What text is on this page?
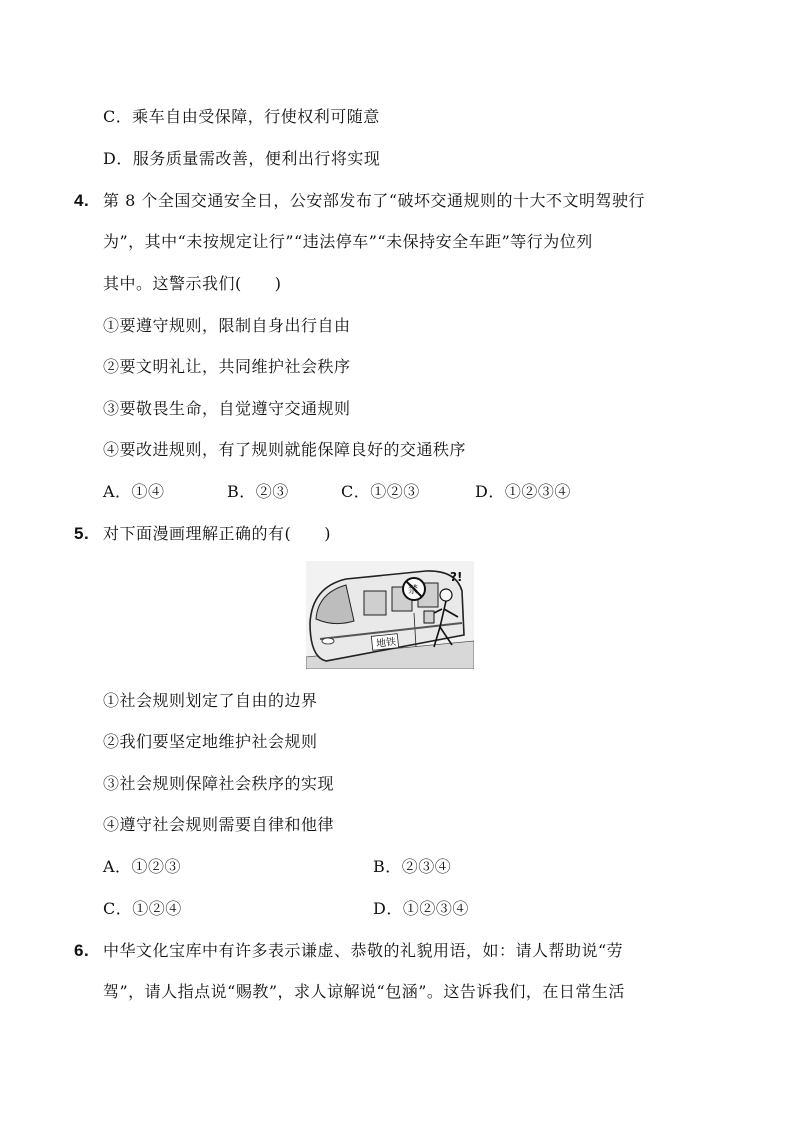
C．乘车自由受保障，行使权利可随意
D．服务质量需改善，便利出行将实现
4. 第 8 个全国交通安全日，公安部发布了“破坏交通规则的十大不文明驾驶行
为”，其中“未按规定让行”“违法停车”“未保持安全车距”等行为位列
其中。这警示我们(　　)
①要遵守规则，限制自身出行自由
②要文明礼让，共同维护社会秩序
③要敬畏生命，自觉遵守交通规则
④要改进规则，有了规则就能保障良好的交通秩序
A．①④	B．②③	C．①②③	D．①②③④
5. 对下面漫画理解正确的有(　　)
地铁
禁
?!
①社会规则划定了自由的边界
②我们要坚定地维护社会规则
③社会规则保障社会秩序的实现
④遵守社会规则需要自律和他律
A．①②③	B．②③④
C．①②④	D．①②③④
6. 中华文化宝库中有许多表示谦虚、恭敬的礼貌用语，如：请人帮助说“劳
驾”，请人指点说“赐教”，求人谅解说“包涵”。这告诉我们，在日常生活
